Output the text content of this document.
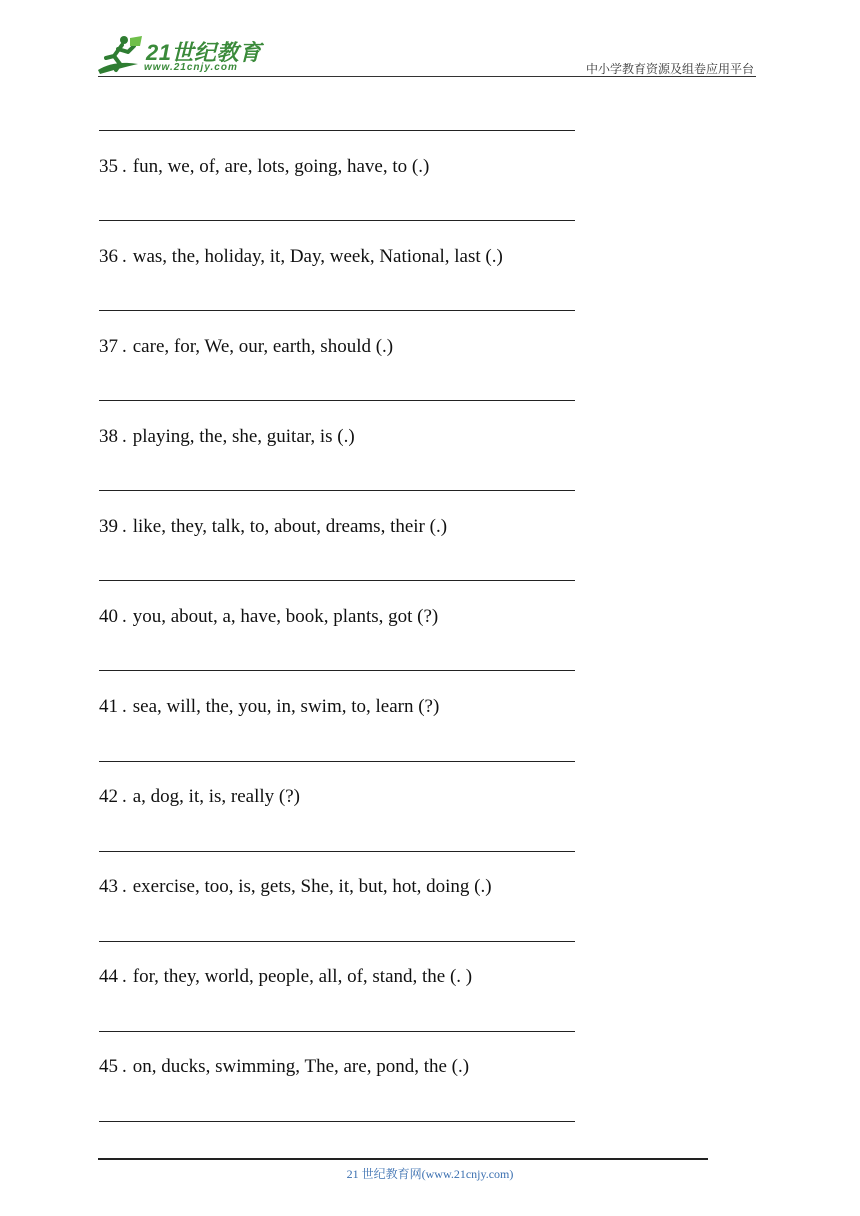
21世纪教育
www.21cnjy.com	中小学教育资源及组卷应用平台
35 . fun, we, of, are, lots, going, have, to (.)
36 . was, the, holiday, it, Day, week, National, last (.)
37 . care, for, We, our, earth, should (.)
38 . playing, the, she, guitar, is (.)
39 . like, they, talk, to, about, dreams, their (.)
40 . you, about, a, have, book, plants, got (?)
41 . sea, will, the, you, in, swim, to, learn (?)
42 . a, dog, it, is, really (?)
43 . exercise, too, is, gets, She, it, but, hot, doing (.)
44 . for, they, world, people, all, of, stand, the (. )
45 . on, ducks, swimming, The, are, pond, the (.)
21 世纪教育网(www.21cnjy.com)
